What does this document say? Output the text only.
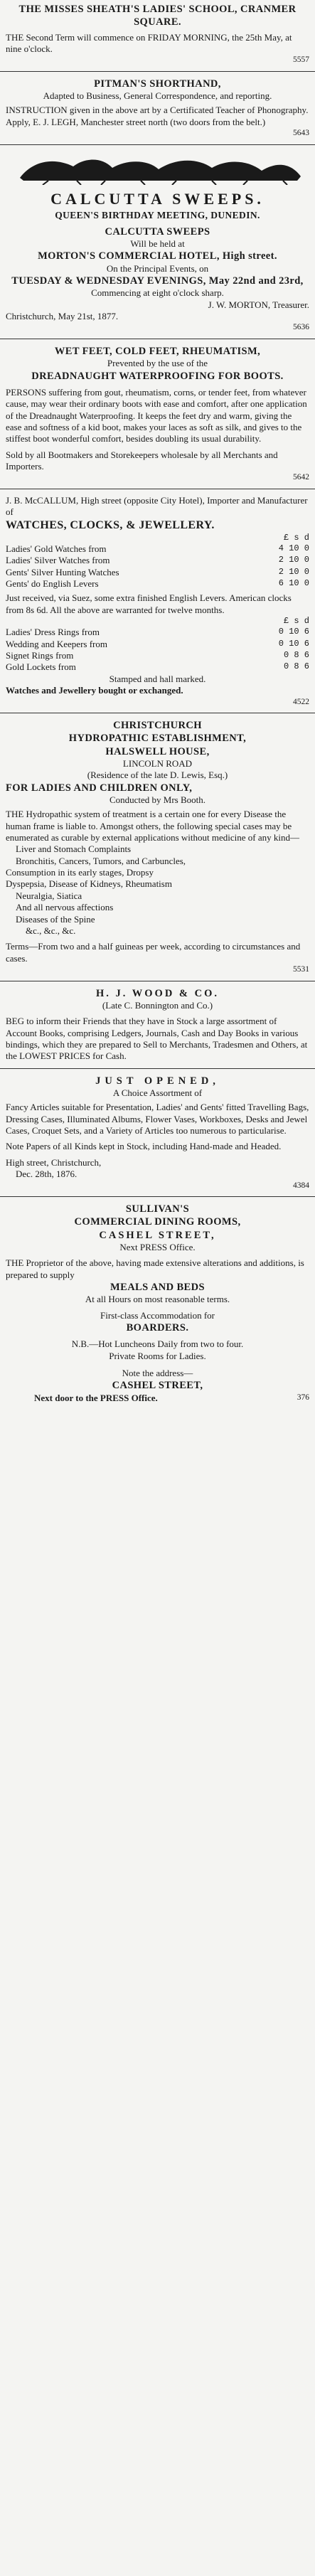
THE MISSES SHEATH'S LADIES' SCHOOL, CRANMER SQUARE.
THE Second Term will commence on FRIDAY MORNING, the 25th May, at nine o'clock.
5557
PITMAN'S SHORTHAND,
Adapted to Business, General Correspondence, and reporting.
INSTRUCTION given in the above art by a Certificated Teacher of Phonography. Apply, E. J. LEGH, Manchester street north (two doors from the belt.)
5643
CALCUTTA SWEEPS.
QUEEN'S BIRTHDAY MEETING, DUNEDIN.
CALCUTTA SWEEPS
Will be held at
MORTON'S COMMERCIAL HOTEL, High street.
On the Principal Events, on
TUESDAY & WEDNESDAY EVENINGS, May 22nd and 23rd,
Commencing at eight o'clock sharp.
J. W. MORTON, Treasurer.
Christchurch, May 21st, 1877.
5636
WET FEET, COLD FEET, RHEUMATISM,
Prevented by the use of the
DREADNAUGHT WATERPROOFING FOR BOOTS.
PERSONS suffering from gout, rheumatism, corns, or tender feet, from whatever cause, may wear their ordinary boots with ease and comfort, after one application of the Dreadnaught Waterproofing. It keeps the feet dry and warm, giving the ease and softness of a kid boot, makes your laces as soft as silk, and gives to the stiffest boot wonderful comfort, besides doubling its usual durability.
Sold by all Bootmakers and Storekeepers wholesale by all Merchants and Importers.
5642
J. B. McCALLUM, High street (opposite City Hotel), Importer and Manufacturer of
WATCHES, CLOCKS, & JEWELLERY.
£ s d
Ladies' Gold Watches from	4 10 0
Ladies' Silver Watches from	2 10 0
Gents' Silver Hunting Watches	2 10 0
Gents' do English Levers	6 10 0
Just received, via Suez, some extra finished English Levers. American clocks from 8s 6d. All the above are warranted for twelve months.
£ s d
Ladies' Dress Rings from	0 10 6
Wedding and Keepers from	0 10 6
Signet Rings from	0 8 6
Gold Lockets from	0 8 6
Stamped and hall marked.
Watches and Jewellery bought or exchanged.
4522
CHRISTCHURCH
HYDROPATHIC ESTABLISHMENT,
HALSWELL HOUSE,
LINCOLN ROAD
(Residence of the late D. Lewis, Esq.)
FOR LADIES AND CHILDREN ONLY,
Conducted by Mrs Booth.
THE Hydropathic system of treatment is a certain one for every Disease the human frame is liable to. Amongst others, the following special cases may be enumerated as curable by external applications without medicine of any kind—
Liver and Stomach Complaints
Bronchitis, Cancers, Tumors, and Carbuncles,
Consumption in its early stages, Dropsy
Dyspepsia, Disease of Kidneys, Rheumatism
Neuralgia, Siatica
And all nervous affections
Diseases of the Spine
&c., &c., &c.
Terms—From two and a half guineas per week, according to circumstances and cases.
5531
H. J. WOOD & CO.
(Late C. Bonnington and Co.)
BEG to inform their Friends that they have in Stock a large assortment of Account Books, comprising Ledgers, Journals, Cash and Day Books in various bindings, which they are prepared to Sell to Merchants, Tradesmen and Others, at the LOWEST PRICES for Cash.
JUST OPENED,
A Choice Assortment of
Fancy Articles suitable for Presentation, Ladies' and Gents' fitted Travelling Bags, Dressing Cases, Illuminated Albums, Flower Vases, Workboxes, Desks and Jewel Cases, Croquet Sets, and a Variety of Articles too numerous to particularise.
Note Papers of all Kinds kept in Stock, including Hand-made and Headed.
High street, Christchurch,
Dec. 28th, 1876.
4384
SULLIVAN'S
COMMERCIAL DINING ROOMS,
CASHEL STREET,
Next PRESS Office.
THE Proprietor of the above, having made extensive alterations and additions, is prepared to supply
MEALS AND BEDS
At all Hours on most reasonable terms.
First-class Accommodation for
BOARDERS.
N.B.—Hot Luncheons Daily from two to four.
Private Rooms for Ladies.
Note the address—
CASHEL STREET,
Next door to the PRESS Office.	376
